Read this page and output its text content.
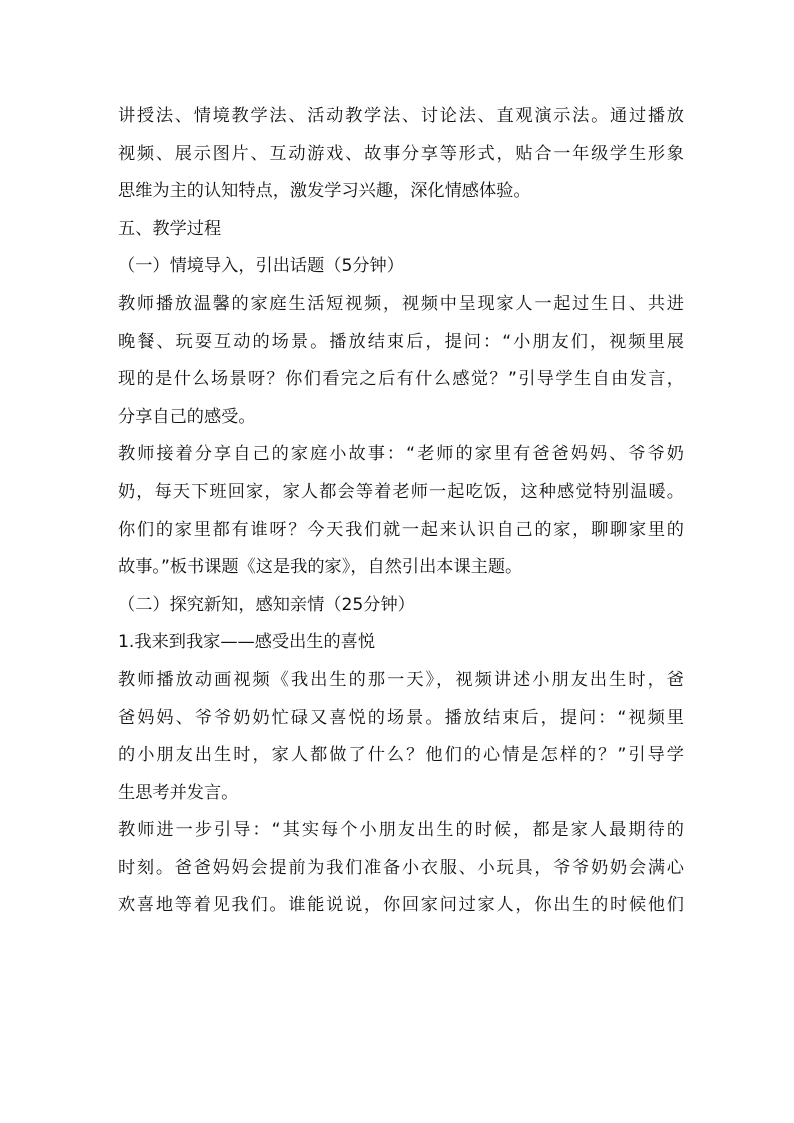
讲授法、情境教学法、活动教学法、讨论法、直观演示法。通过播放
视频、展示图片、互动游戏、故事分享等形式，贴合一年级学生形象
思维为主的认知特点，激发学习兴趣，深化情感体验。
五、教学过程
（一）情境导入，引出话题（5分钟）
教师播放温馨的家庭生活短视频，视频中呈现家人一起过生日、共进
晚餐、玩耍互动的场景。播放结束后，提问：“小朋友们，视频里展
现的是什么场景呀？你们看完之后有什么感觉？”引导学生自由发言，
分享自己的感受。
教师接着分享自己的家庭小故事：“老师的家里有爸爸妈妈、爷爷奶
奶，每天下班回家，家人都会等着老师一起吃饭，这种感觉特别温暖。
你们的家里都有谁呀？今天我们就一起来认识自己的家，聊聊家里的
故事。”板书课题《这是我的家》，自然引出本课主题。
（二）探究新知，感知亲情（25分钟）
1.我来到我家——感受出生的喜悦
教师播放动画视频《我出生的那一天》，视频讲述小朋友出生时，爸
爸妈妈、爷爷奶奶忙碌又喜悦的场景。播放结束后，提问：“视频里
的小朋友出生时，家人都做了什么？他们的心情是怎样的？”引导学
生思考并发言。
教师进一步引导：“其实每个小朋友出生的时候，都是家人最期待的
时刻。爸爸妈妈会提前为我们准备小衣服、小玩具，爷爷奶奶会满心
欢喜地等着见我们。谁能说说，你回家问过家人，你出生的时候他们
